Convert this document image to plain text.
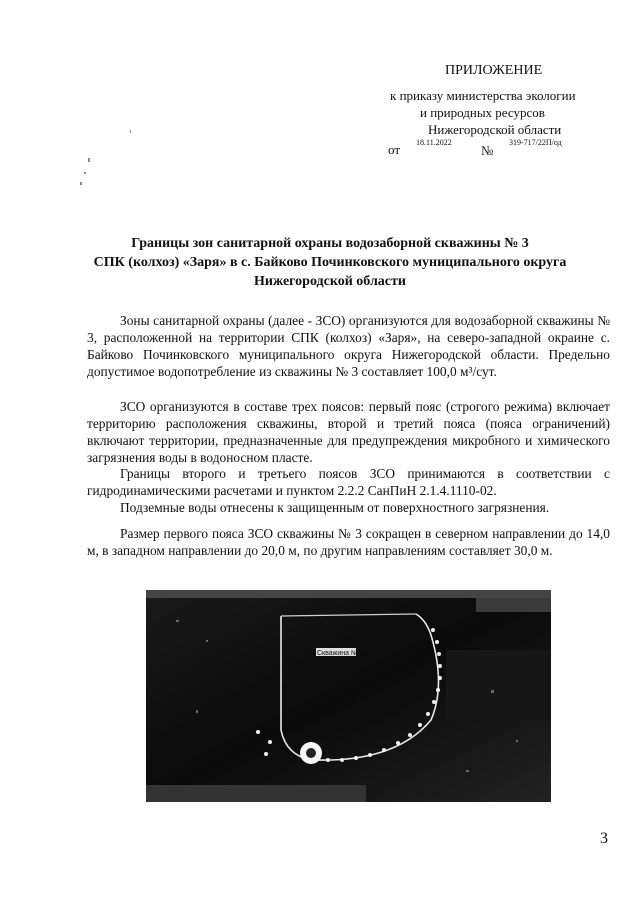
ПРИЛОЖЕНИЕ
к приказу министерства экологии
и природных ресурсов
Нижегородской области
от 18.11.2022
№
319-717/22П/од
Границы зон санитарной охраны водозаборной скважины № 3
СПК (колхоз) «Заря» в с. Байково Починковского муниципального округа
Нижегородской области
Зоны санитарной охраны (далее - ЗСО) организуются для водозаборной скважины № 3, расположенной на территории СПК (колхоз) «Заря», на северо-западной окраине с. Байково Починковского муниципального округа Нижегородской области. Предельно допустимое водопотребление из скважины № 3 составляет 100,0 м³/сут.
ЗСО организуются в составе трех поясов: первый пояс (строгого режима) включает территорию расположения скважины, второй и третий пояса (пояса ограничений) включают территории, предназначенные для предупреждения микробного и химического загрязнения воды в водоносном пласте.
Границы второго и третьего поясов ЗСО принимаются в соответствии с гидродинамическими расчетами и пунктом 2.2.2 СанПиН 2.1.4.1110-02.
Подземные воды отнесены к защищенным от поверхностного загрязнения.
Размер первого пояса ЗСО скважины № 3 сокращен в северном направлении до 14,0 м, в западном направлении до 20,0 м, по другим направлениям составляет 30,0 м.
Скважина №3
3
